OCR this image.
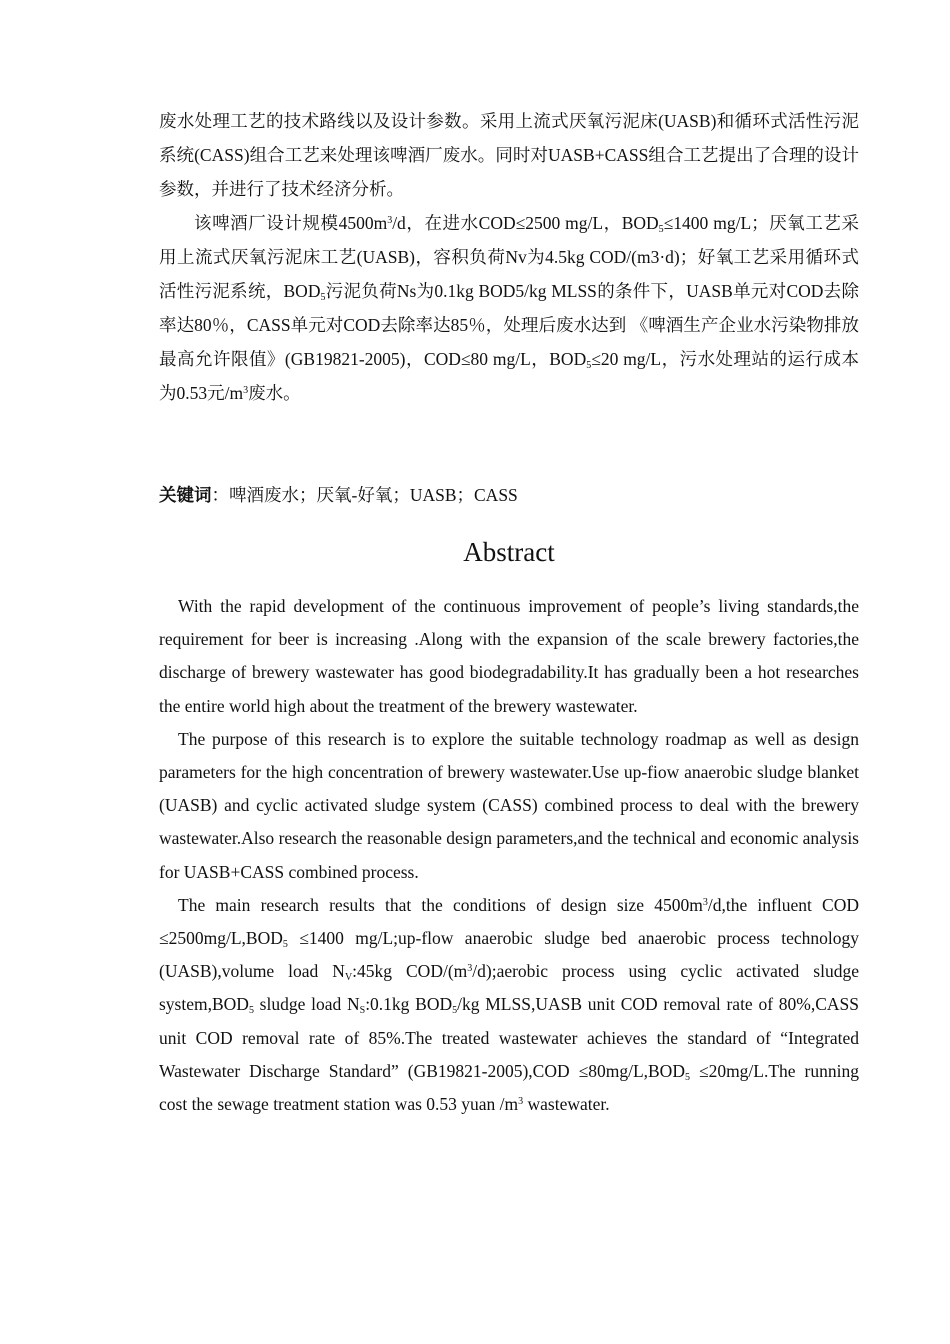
废水处理工艺的技术路线以及设计参数。采用上流式厌氧污泥床(UASB)和循环式活性污泥系统(CASS)组合工艺来处理该啤酒厂废水。同时对UASB+CASS组合工艺提出了合理的设计参数，并进行了技术经济分析。

该啤酒厂设计规模$4500m^3/d$，在进水COD≤2500 mg/L，$BOD_5\le 1400$ mg/L；厌氧工艺采用上流式厌氧污泥床工艺(UASB)，容积负荷Nv为4.5kg COD/(m3·d)；好氧工艺采用循环式活性污泥系统，$BOD_5$污泥负荷Ns为0.1kg BOD5/kg MLSS的条件下，UASB单元对COD去除率达80％，CASS单元对COD去除率达85％，处理后废水达到 《啤酒生产企业水污染物排放最高允许限值》(GB19821-2005)，COD≤80 mg/L，$BOD_5\le 20$ mg/L，污水处理站的运行成本为0.53元$/m^3$废水。

关键词：啤酒废水；厌氧-好氧；UASB；CASS

Abstract

With the rapid development of the continuous improvement of people’s living standards,the requirement for beer is increasing .Along with the expansion of the scale brewery factories,the discharge of brewery wastewater has good biodegradability.It has gradually been a hot researches the entire world high about the treatment of the brewery wastewater.

The purpose of this research is to explore the suitable technology roadmap as well as design parameters for the high concentration of brewery wastewater.Use up-fiow anaerobic sludge blanket (UASB) and cyclic activated sludge system (CASS) combined process to deal with the brewery wastewater.Also research the reasonable design parameters,and the technical and economic analysis for UASB+CASS combined process.

The main research results that the conditions of design size $4500m^3/d,the$ influent COD $\le 2500mg/L,BOD_5 \le 1400$ mg/L;up-flow anaerobic sludge bed anaerobic process technology (UASB),volume load $N_V:45kg$ COD/$(m^3/d);aerobic$ process using cyclic activated sludge $system,BOD_5$ sludge load $N_S:0.1kg$ $BOD_5/kg$ MLSS,UASB unit COD removal rate of 80%,CASS unit COD removal rate of 85%.The treated wastewater achieves the standard of “Integrated Wastewater Discharge Standard” $(GB19821-2005),COD \le 80mg/L,BOD_5 \le 20mg/L.The$ running cost the sewage treatment station was 0.53 yuan $/m^3$ wastewater.
